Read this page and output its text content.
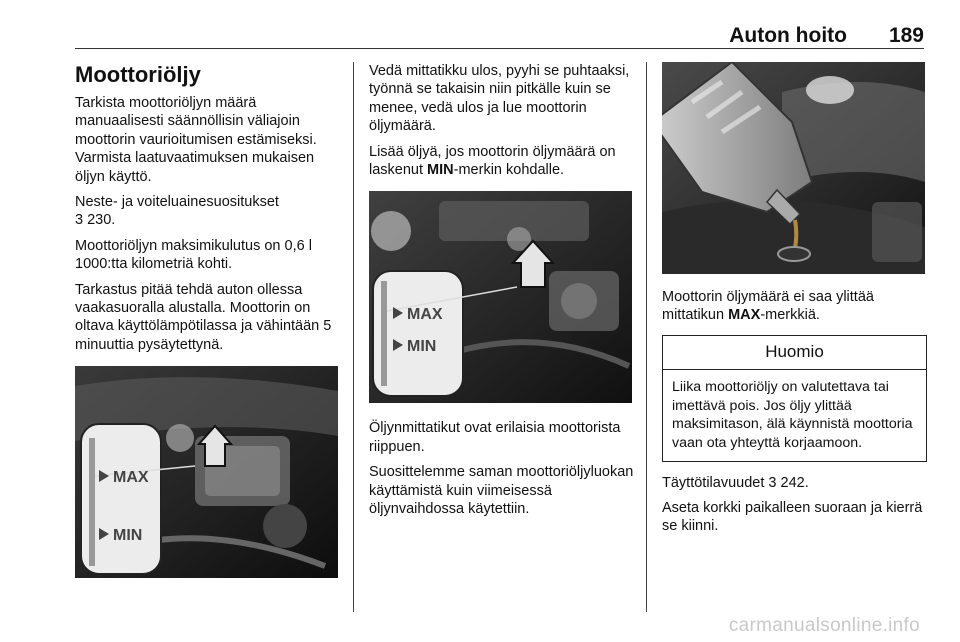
Auton hoito 189
Moottoriöljy

Tarkista moottoriöljyn määrä manuaalisesti säännöllisin väliajoin moottorin vaurioitumisen estämiseksi. Varmista laatuvaatimuksen mukaisen öljyn käyttö.

Neste- ja voiteluainesuositukset
3 230.

Moottoriöljyn maksimikulutus on 0,6 l 1000:tta kilometriä kohti.

Tarkastus pitää tehdä auton ollessa vaakasuoralla alustalla. Moottorin on oltava käyttölämpötilassa ja vähintään 5 minuuttia pysäytettynä.

MAX
MIN

Vedä mittatikku ulos, pyyhi se puhtaaksi, työnnä se takaisin niin pitkälle kuin se menee, vedä ulos ja lue moottorin öljymäärä.

Lisää öljyä, jos moottorin öljymäärä on laskenut MIN-merkin kohdalle.

MAX
MIN

Öljynmittatikut ovat erilaisia moottorista riippuen.

Suosittelemme saman moottoriöljyluokan käyttämistä kuin viimeisessä öljynvaihdossa käytettiin.

Moottorin öljymäärä ei saa ylittää mittatikun MAX-merkkiä.

Huomio
Liika moottoriöljy on valutettava tai imettävä pois. Jos öljy ylittää maksimitason, älä käynnistä moottoria vaan ota yhteyttä korjaamoon.

Täyttötilavuudet 3 242.

Aseta korkki paikalleen suoraan ja kierrä se kiinni.

carmanualsonline.info
